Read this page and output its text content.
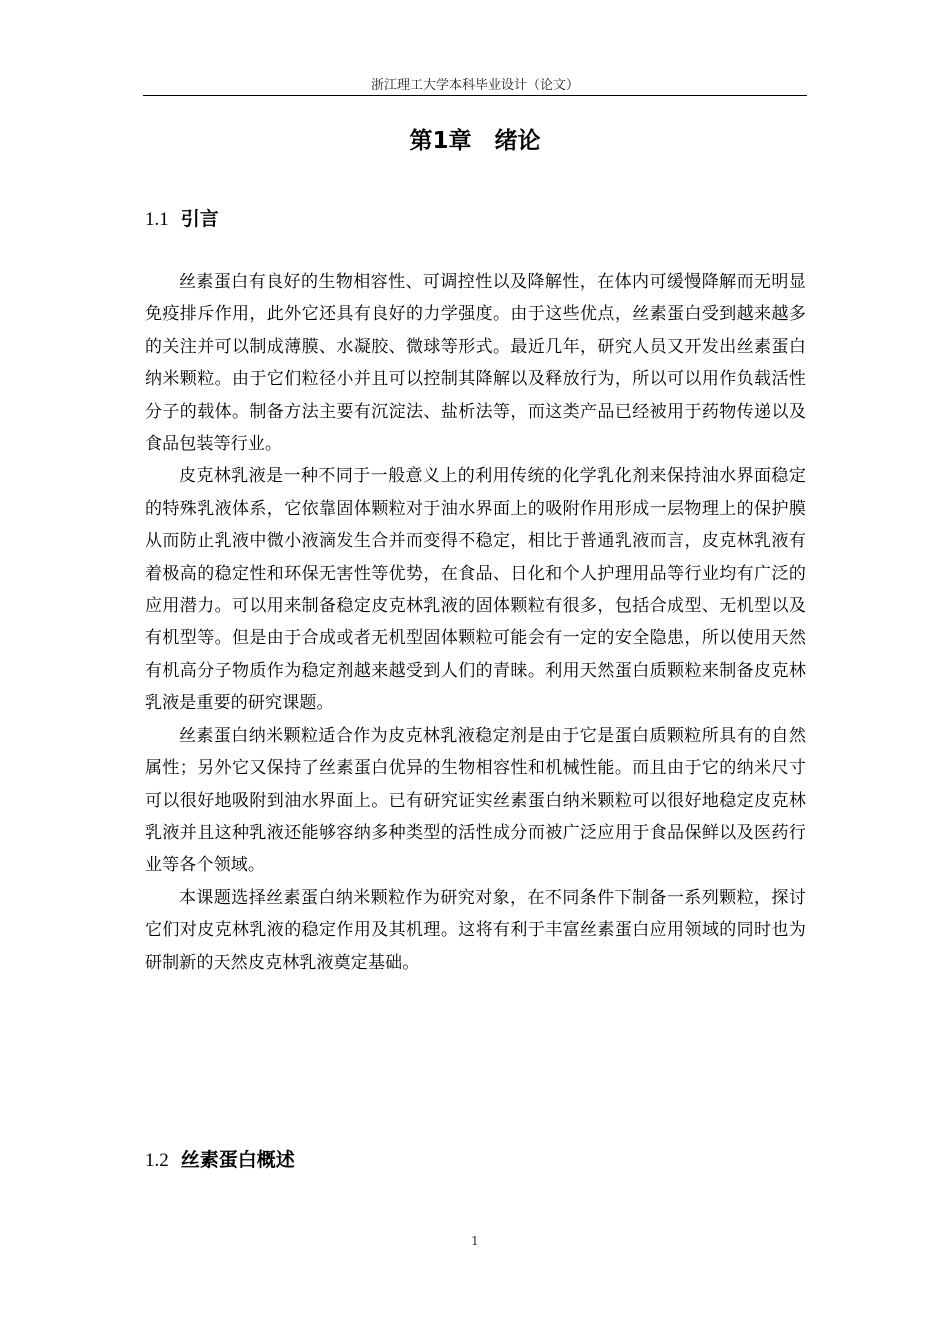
浙江理工大学本科毕业设计（论文）
第1章　绪论
1.1 引言

丝素蛋白有良好的生物相容性、可调控性以及降解性，在体内可缓慢降解而无明显免疫排斥作用，此外它还具有良好的力学强度。由于这些优点，丝素蛋白受到越来越多的关注并可以制成薄膜、水凝胶、微球等形式。最近几年，研究人员又开发出丝素蛋白纳米颗粒。由于它们粒径小并且可以控制其降解以及释放行为，所以可以用作负载活性分子的载体。制备方法主要有沉淀法、盐析法等，而这类产品已经被用于药物传递以及食品包装等行业。

皮克林乳液是一种不同于一般意义上的利用传统的化学乳化剂来保持油水界面稳定的特殊乳液体系，它依靠固体颗粒对于油水界面上的吸附作用形成一层物理上的保护膜从而防止乳液中微小液滴发生合并而变得不稳定，相比于普通乳液而言，皮克林乳液有着极高的稳定性和环保无害性等优势，在食品、日化和个人护理用品等行业均有广泛的应用潜力。可以用来制备稳定皮克林乳液的固体颗粒有很多，包括合成型、无机型以及有机型等。但是由于合成或者无机型固体颗粒可能会有一定的安全隐患，所以使用天然有机高分子物质作为稳定剂越来越受到人们的青睐。利用天然蛋白质颗粒来制备皮克林乳液是重要的研究课题。

丝素蛋白纳米颗粒适合作为皮克林乳液稳定剂是由于它是蛋白质颗粒所具有的自然属性；另外它又保持了丝素蛋白优异的生物相容性和机械性能。而且由于它的纳米尺寸可以很好地吸附到油水界面上。已有研究证实丝素蛋白纳米颗粒可以很好地稳定皮克林乳液并且这种乳液还能够容纳多种类型的活性成分而被广泛应用于食品保鲜以及医药行业等各个领域。

本课题选择丝素蛋白纳米颗粒作为研究对象，在不同条件下制备一系列颗粒，探讨它们对皮克林乳液的稳定作用及其机理。这将有利于丰富丝素蛋白应用领域的同时也为研制新的天然皮克林乳液奠定基础。

1.2 丝素蛋白概述
1
